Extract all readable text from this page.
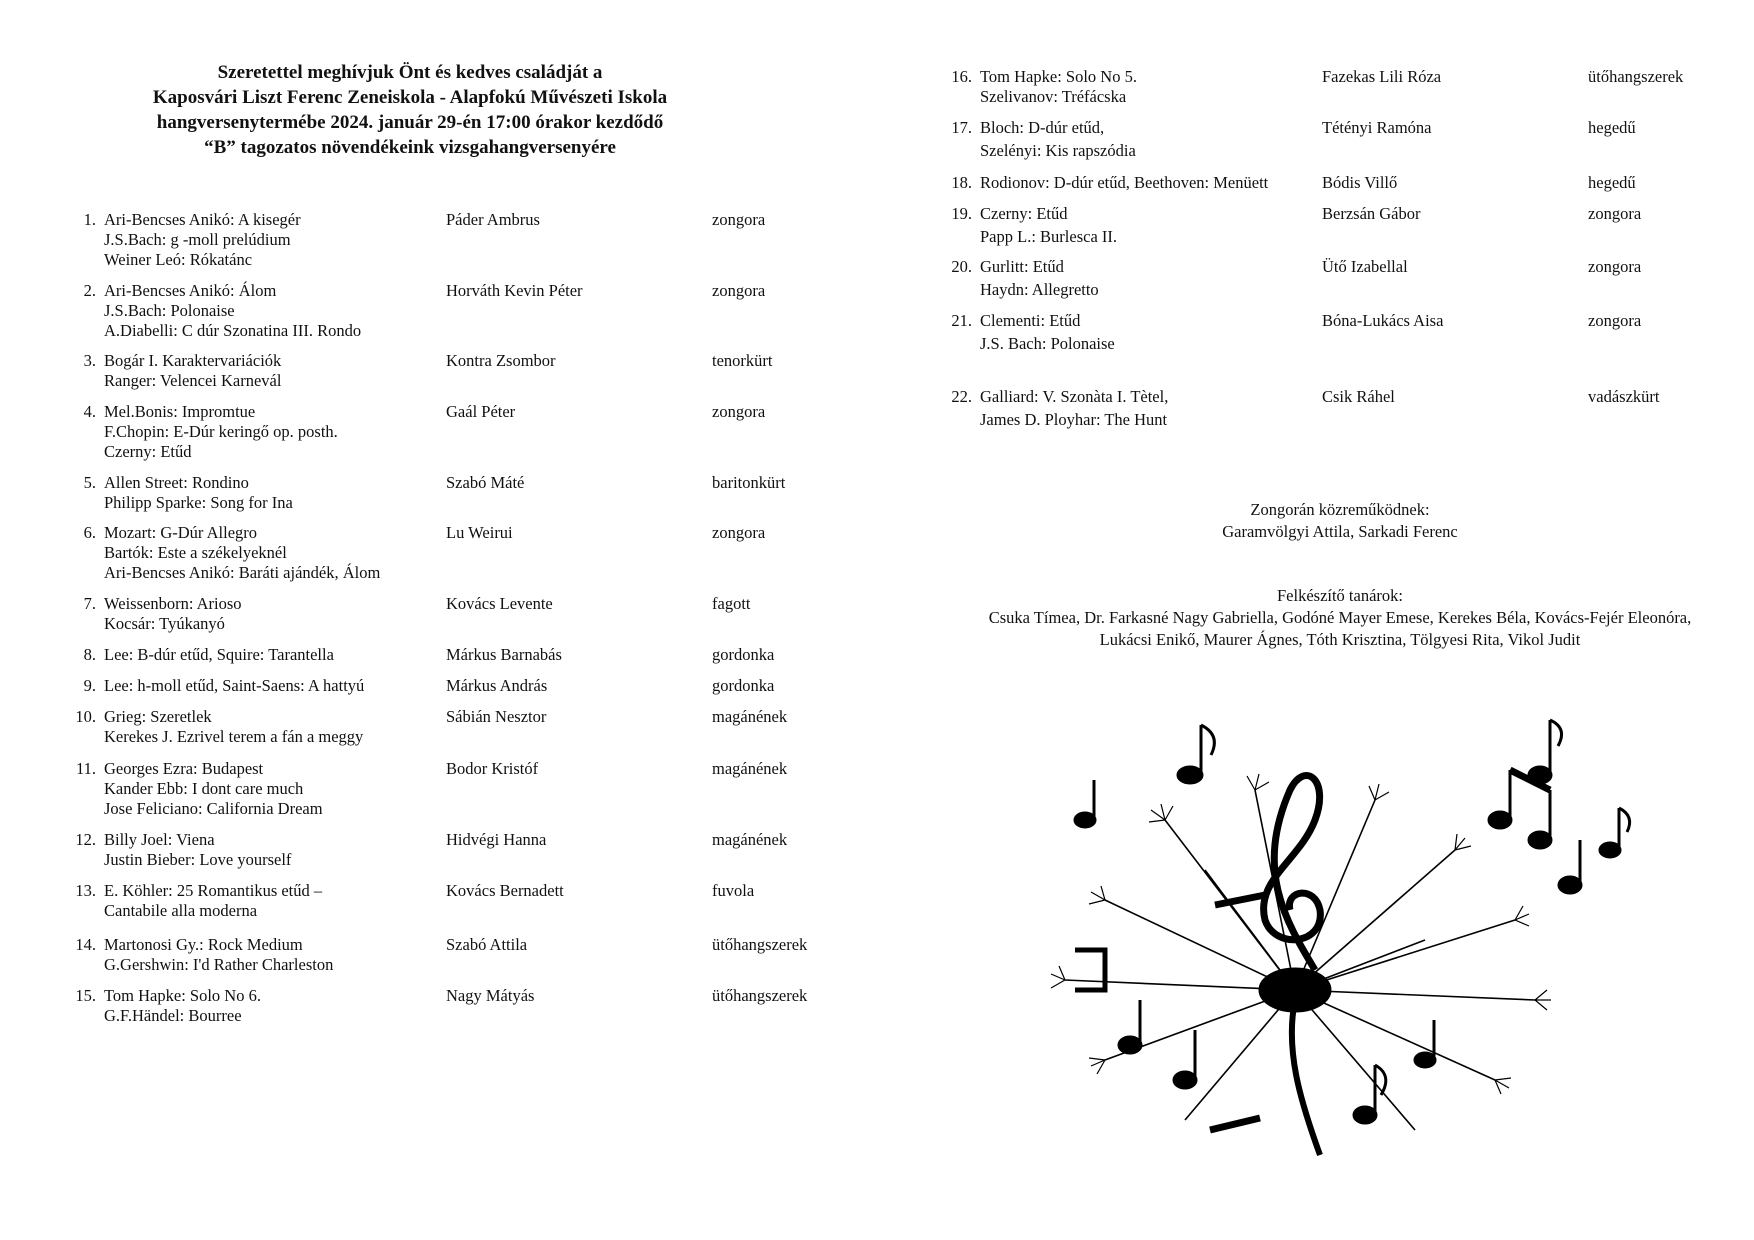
Szeretettel meghívjuk Önt és kedves családját a
Kaposvári Liszt Ferenc Zeneiskola - Alapfokú Művészeti Iskola
hangversenytermébe 2024. január 29-én 17:00 órakor kezdődő
“B” tagozatos növendékeink vizsgahangversenyére
1. Ari-Bencses Anikó: A kisegér
J.S.Bach: g -moll prelúdium
Weiner Leó: Rókatánc
Páder Ambrus	zongora
2. Ari-Bencses Anikó: Álom
J.S.Bach: Polonaise
A.Diabelli: C dúr Szonatina III. Rondo
Horváth Kevin Péter	zongora
3. Bogár I. Karaktervariációk
Ranger: Velencei Karnevál
Kontra Zsombor	tenorkürt
4. Mel.Bonis: Impromtue
F.Chopin: E-Dúr keringő op. posth.
Czerny: Etűd
Gaál Péter	zongora
5. Allen Street: Rondino
Philipp Sparke: Song for Ina
Szabó Máté	baritonkürt
6. Mozart: G-Dúr Allegro
Bartók: Este a székelyeknél
Ari-Bencses Anikó: Baráti ajándék, Álom
Lu Weirui	zongora
7. Weissenborn: Arioso
Kocsár: Tyúkanyó
Kovács Levente	fagott
8. Lee: B-dúr etűd, Squire: Tarantella	Márkus Barnabás	gordonka
9. Lee: h-moll etűd, Saint-Saens: A hattyú	Márkus András	gordonka
10. Grieg: Szeretlek
Kerekes J. Ezrivel terem a fán a meggy
Sábián Nesztor	magánének
11. Georges Ezra: Budapest
Kander Ebb: I dont care much
Jose Feliciano: California Dream
Bodor Kristóf	magánének
12. Billy Joel: Viena
Justin Bieber: Love yourself
Hidvégi Hanna	magánének
13. E. Köhler: 25 Romantikus etűd –
Cantabile alla moderna
Kovács Bernadett	fuvola
14. Martonosi Gy.: Rock Medium
G.Gershwin: I'd Rather Charleston
Szabó Attila	ütőhangszerek
15. Tom Hapke: Solo No 6.
G.F.Händel: Bourree
Nagy Mátyás	ütőhangszerek
16. Tom Hapke: Solo No 5.
Szelivanov: Tréfácska
Fazekas Lili Róza	ütőhangszerek
17. Bloch: D-dúr etűd,
Szelényi: Kis rapszódia
Tétényi Ramóna	hegedű
18. Rodionov: D-dúr etűd, Beethoven: Menüett	Bódis Villő	hegedű
19. Czerny: Etűd
Papp L.: Burlesca II.
Berzsán Gábor	zongora
20. Gurlitt: Etűd
Haydn: Allegretto
Ütő Izabellal	zongora
21. Clementi: Etűd
J.S. Bach: Polonaise
Bóna-Lukács Aisa	zongora
22. Galliard: V. Szonàta I. Tètel,
James D. Ployhar: The Hunt
Csik Ráhel	vadászkürt
Zongorán közreműködnek:
Garamvölgyi Attila, Sarkadi Ferenc
Felkészítő tanárok:
Csuka Tímea, Dr. Farkasné Nagy Gabriella, Godóné Mayer Emese, Kerekes Béla, Kovács-Fejér Eleonóra,
Lukácsi Enikő, Maurer Ágnes, Tóth Krisztina, Tölgyesi Rita, Vikol Judit
